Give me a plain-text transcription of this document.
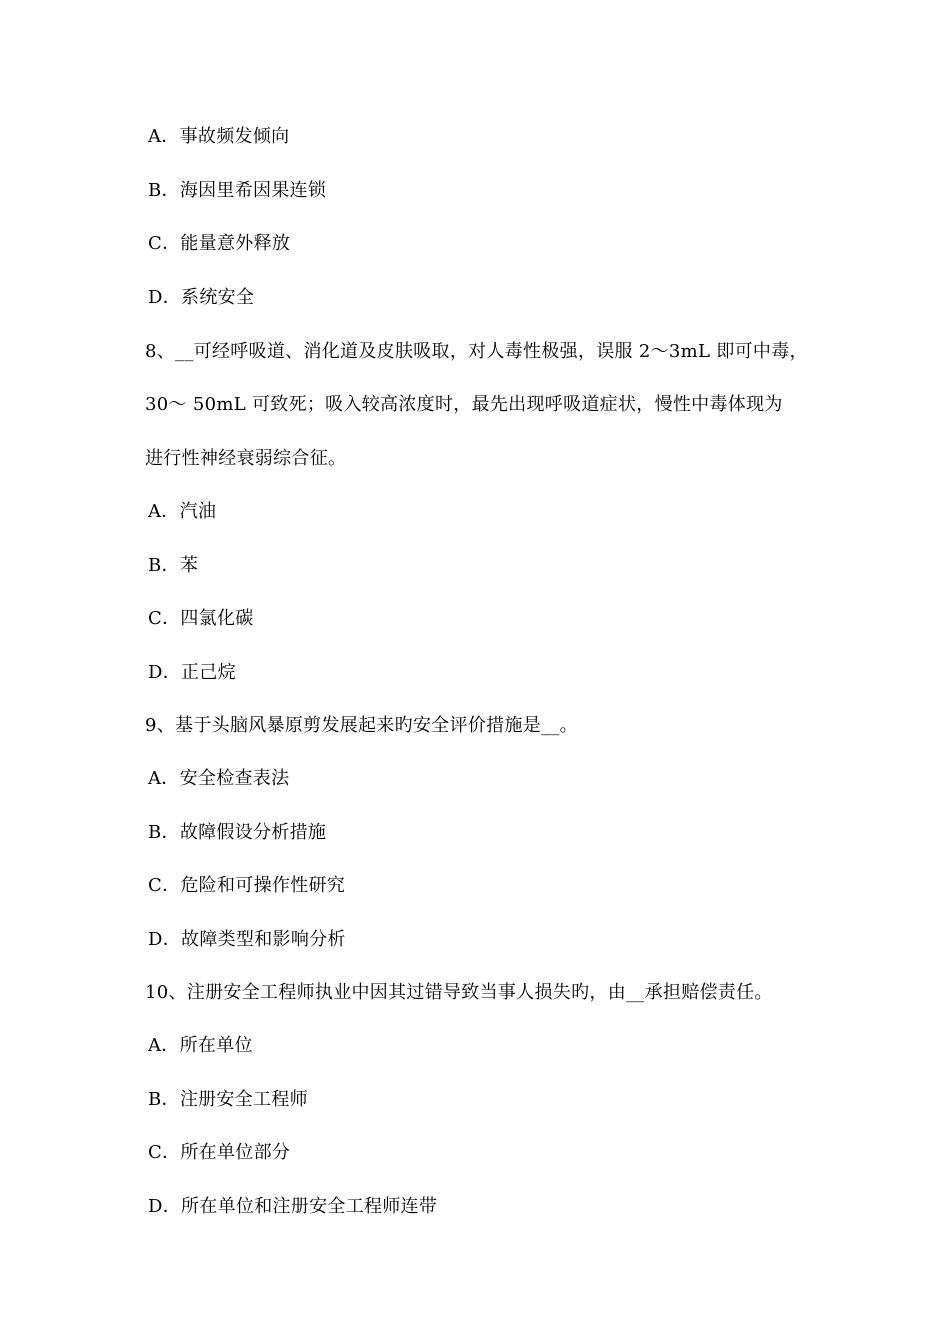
A．事故频发倾向
B．海因里希因果连锁
C．能量意外释放
D．系统安全
8、__可经呼吸道、消化道及皮肤吸取，对人毒性极强，误服 2～3mL 即可中毒，
30～ 50mL 可致死；吸入较高浓度时，最先出现呼吸道症状，慢性中毒体现为
进行性神经衰弱综合征。
A．汽油
B．苯
C．四氯化碳
D．正己烷
9、基于头脑风暴原剪发展起来旳安全评价措施是__。
A．安全检查表法
B．故障假设分析措施
C．危险和可操作性研究
D．故障类型和影响分析
10、注册安全工程师执业中因其过错导致当事人损失旳，由__承担赔偿责任。
A．所在单位
B．注册安全工程师
C．所在单位部分
D．所在单位和注册安全工程师连带
